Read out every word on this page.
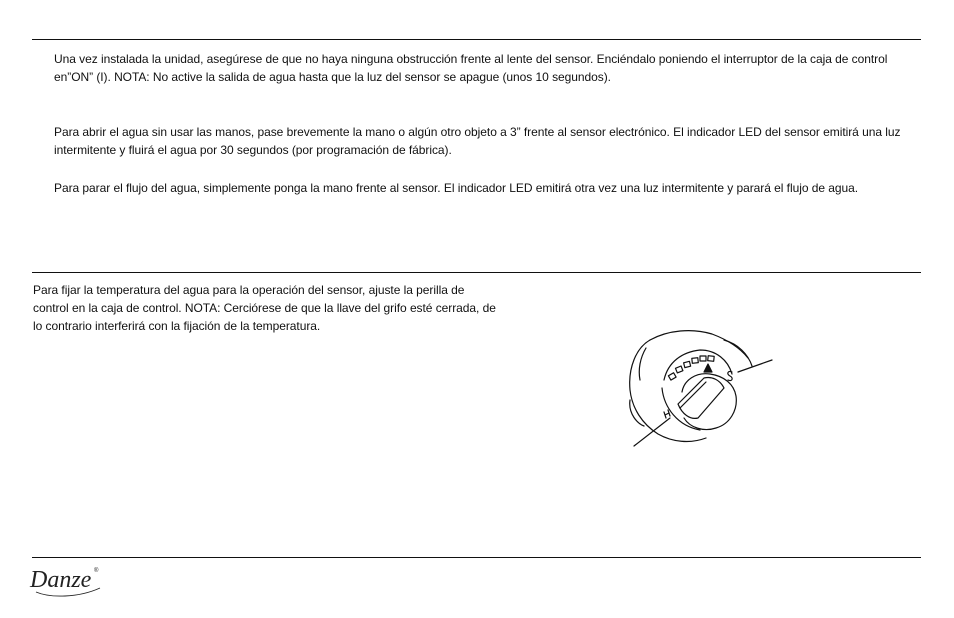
Una vez instalada la unidad, asegúrese de que no haya ninguna obstrucción frente al lente del sensor. Enciéndalo poniendo el interruptor de la caja de control en”ON” (I). NOTA: No active la salida de agua hasta que la luz del sensor se apague (unos 10 segundos).

Para abrir el agua sin usar las manos, pase brevemente la mano o algún otro objeto a 3” frente al sensor electrónico. El indicador LED del sensor emitirá una luz intermitente y fluirá el agua por 30 segundos (por programación de fábrica).

Para parar el flujo del agua, simplemente ponga la mano frente al sensor. El indicador LED emitirá otra vez una luz intermitente y parará el flujo de agua.

Para fijar la temperatura del agua para la operación del sensor, ajuste la perilla de control en la caja de control. NOTA: Cerciórese de que la llave del grifo esté cerrada, de lo contrario interferirá con la fijación de la temperatura.

Danze ®
